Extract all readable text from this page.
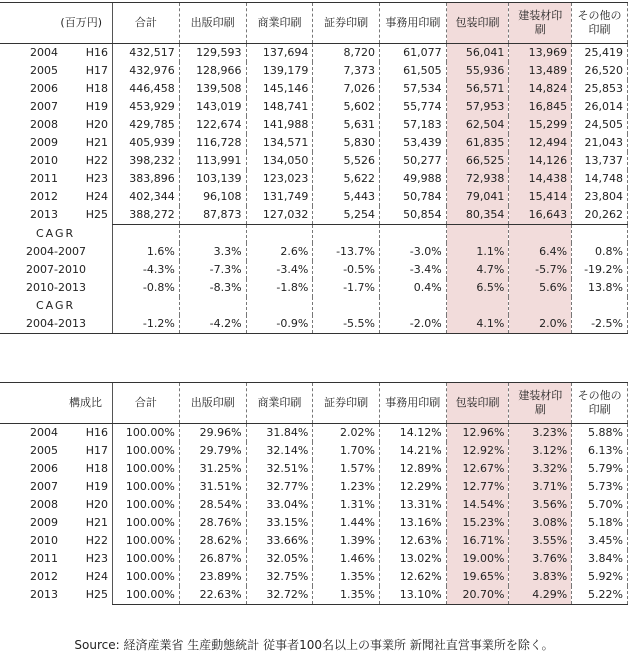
(百万円)	合計	出版印刷	商業印刷	証券印刷	事務用印刷	包装印刷	建装材印刷	その他の印刷
2004 H16	432,517	129,593	137,694	8,720	61,077	56,041	13,969	25,419
2005 H17	432,976	128,966	139,179	7,373	61,505	55,936	13,489	26,520
2006 H18	446,458	139,508	145,146	7,026	57,534	56,571	14,824	25,853
2007 H19	453,929	143,019	148,741	5,602	55,774	57,953	16,845	26,014
2008 H20	429,785	122,674	141,988	5,631	57,183	62,504	15,299	24,505
2009 H21	405,939	116,728	134,571	5,830	53,439	61,835	12,494	21,043
2010 H22	398,232	113,991	134,050	5,526	50,277	66,525	14,126	13,737
2011 H23	383,896	103,139	123,023	5,622	49,988	72,938	14,438	14,748
2012 H24	402,344	96,108	131,749	5,443	50,784	79,041	15,414	23,804
2013 H25	388,272	87,873	127,032	5,254	50,854	80,354	16,643	20,262
CAGR								
2004-2007	1.6%	3.3%	2.6%	-13.7%	-3.0%	1.1%	6.4%	0.8%
2007-2010	-4.3%	-7.3%	-3.4%	-0.5%	-3.4%	4.7%	-5.7%	-19.2%
2010-2013	-0.8%	-8.3%	-1.8%	-1.7%	0.4%	6.5%	5.6%	13.8%
CAGR								
2004-2013	-1.2%	-4.2%	-0.9%	-5.5%	-2.0%	4.1%	2.0%	-2.5%
構成比	合計	出版印刷	商業印刷	証券印刷	事務用印刷	包装印刷	建装材印刷	その他の印刷
2004 H16	100.00%	29.96%	31.84%	2.02%	14.12%	12.96%	3.23%	5.88%
2005 H17	100.00%	29.79%	32.14%	1.70%	14.21%	12.92%	3.12%	6.13%
2006 H18	100.00%	31.25%	32.51%	1.57%	12.89%	12.67%	3.32%	5.79%
2007 H19	100.00%	31.51%	32.77%	1.23%	12.29%	12.77%	3.71%	5.73%
2008 H20	100.00%	28.54%	33.04%	1.31%	13.31%	14.54%	3.56%	5.70%
2009 H21	100.00%	28.76%	33.15%	1.44%	13.16%	15.23%	3.08%	5.18%
2010 H22	100.00%	28.62%	33.66%	1.39%	12.63%	16.71%	3.55%	3.45%
2011 H23	100.00%	26.87%	32.05%	1.46%	13.02%	19.00%	3.76%	3.84%
2012 H24	100.00%	23.89%	32.75%	1.35%	12.62%	19.65%	3.83%	5.92%
2013 H25	100.00%	22.63%	32.72%	1.35%	13.10%	20.70%	4.29%	5.22%
Source: 経済産業省 生産動態統計 従事者100名以上の事業所 新聞社直営事業所を除く。
